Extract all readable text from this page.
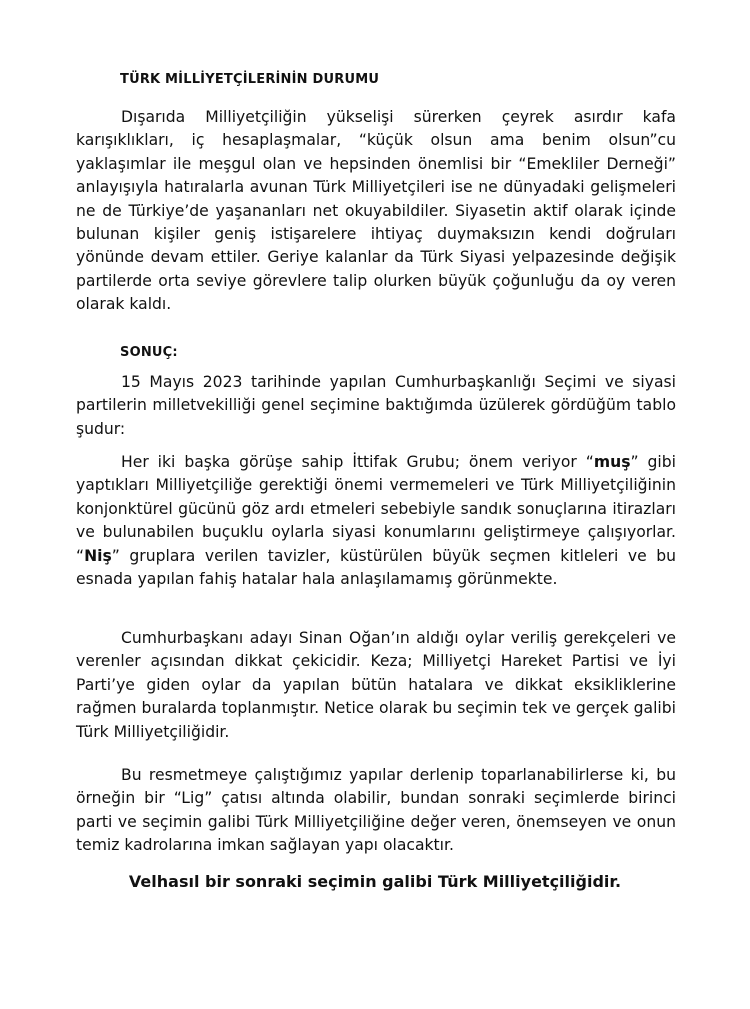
TÜRK MİLLİYETÇİLERİNİN DURUMU

Dışarıda Milliyetçiliğin yükselişi sürerken çeyrek asırdır kafa karışıklıkları, iç hesaplaşmalar, “küçük olsun ama benim olsun”cu yaklaşımlar ile meşgul olan ve hepsinden önemlisi bir “Emekliler Derneği” anlayışıyla hatıralarla avunan Türk Milliyetçileri ise ne dünyadaki gelişmeleri ne de Türkiye’de yaşananları net okuyabildiler. Siyasetin aktif olarak içinde bulunan kişiler geniş istişarelere ihtiyaç duymaksızın kendi doğruları yönünde devam ettiler. Geriye kalanlar da Türk Siyasi yelpazesinde değişik partilerde orta seviye görevlere talip olurken büyük çoğunluğu da oy veren olarak kaldı.

SONUÇ:

15 Mayıs 2023 tarihinde yapılan Cumhurbaşkanlığı Seçimi ve siyasi partilerin milletvekilliği genel seçimine baktığımda üzülerek gördüğüm tablo şudur:

Her iki başka görüşe sahip İttifak Grubu; önem veriyor “muş” gibi yaptıkları Milliyetçiliğe gerektiği önemi vermemeleri ve Türk Milliyetçiliğinin konjonktürel gücünü göz ardı etmeleri sebebiyle sandık sonuçlarına itirazları ve bulunabilen buçuklu oylarla siyasi konumlarını geliştirmeye çalışıyorlar. “Niş” gruplara verilen tavizler, küstürülen büyük seçmen kitleleri ve bu esnada yapılan fahiş hatalar hala anlaşılamamış görünmekte.

Cumhurbaşkanı adayı Sinan Oğan’ın aldığı oylar veriliş gerekçeleri ve verenler açısından dikkat çekicidir. Keza; Milliyetçi Hareket Partisi ve İyi Parti’ye giden oylar da yapılan bütün hatalara ve dikkat eksikliklerine rağmen buralarda toplanmıştır. Netice olarak bu seçimin tek ve gerçek galibi Türk Milliyetçiliğidir.

Bu resmetmeye çalıştığımız yapılar derlenip toparlanabilirlerse ki, bu örneğin bir “Lig” çatısı altında olabilir, bundan sonraki seçimlerde birinci parti ve seçimin galibi Türk Milliyetçiliğine değer veren, önemseyen ve onun temiz kadrolarına imkan sağlayan yapı olacaktır.

Velhasıl bir sonraki seçimin galibi Türk Milliyetçiliğidir.
